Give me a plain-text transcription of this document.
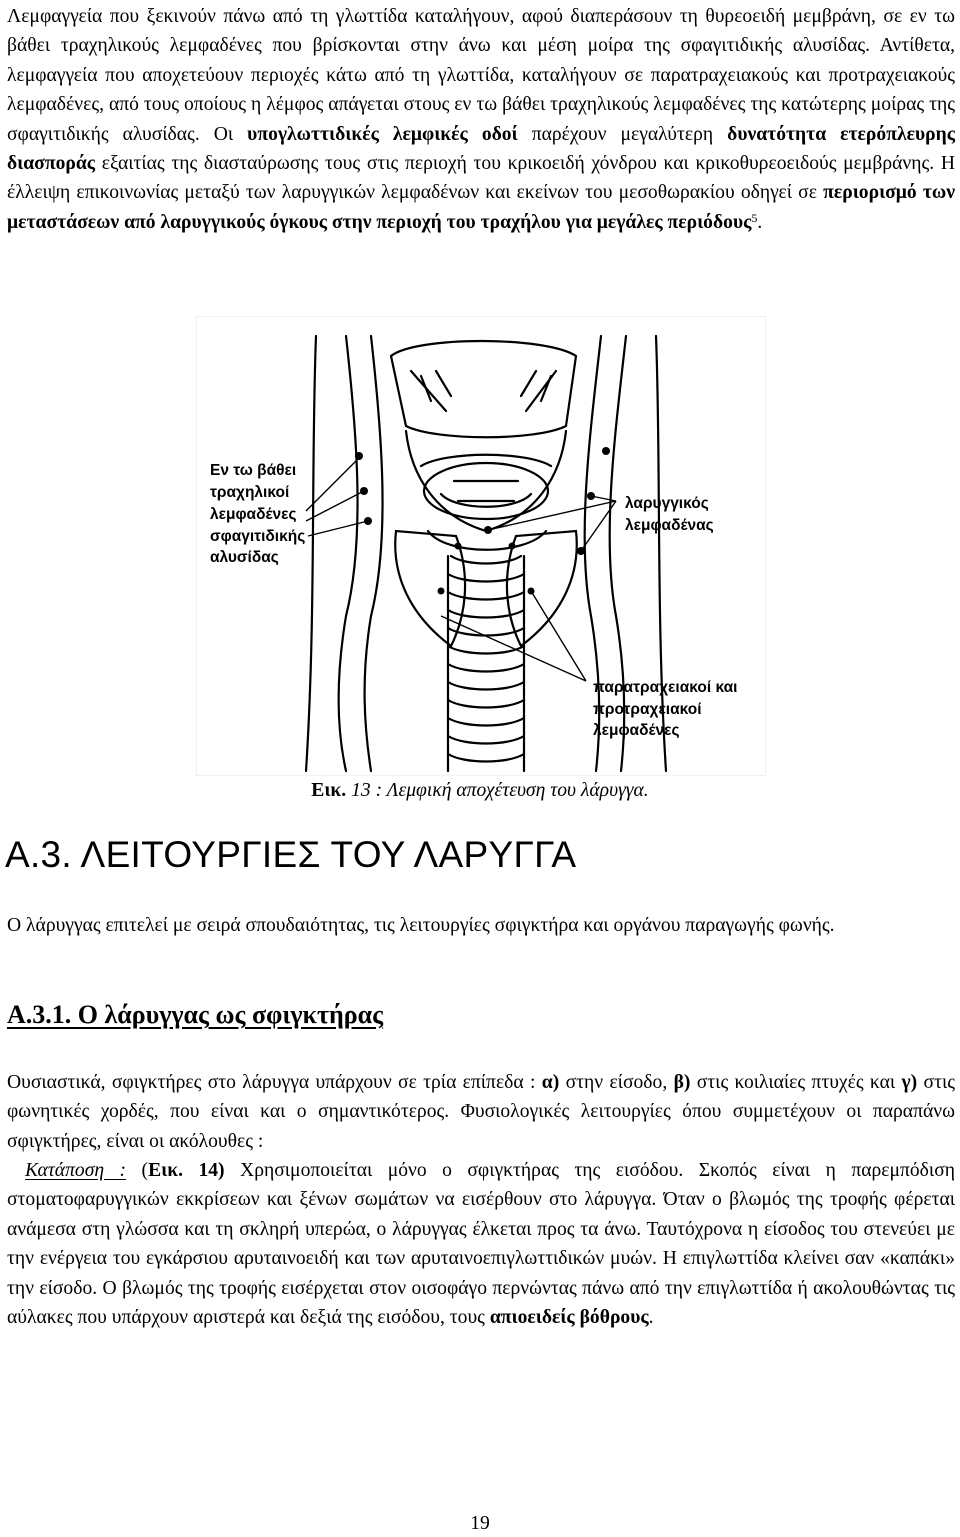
Λεμφαγγεία που ξεκινούν πάνω από τη γλωττίδα καταλήγουν, αφού διαπεράσουν τη θυρεοειδή μεμβράνη, σε εν τω βάθει τραχηλικούς λεμφαδένες που βρίσκονται στην άνω και μέση μοίρα της σφαγιτιδικής αλυσίδας. Αντίθετα, λεμφαγγεία που αποχετεύουν περιοχές κάτω από τη γλωττίδα, καταλήγουν σε παρατραχειακούς και προτραχειακούς λεμφαδένες, από τους οποίους η λέμφος απάγεται στους εν τω βάθει τραχηλικούς λεμφαδένες της κατώτερης μοίρας της σφαγιτιδικής αλυσίδας. Οι υπογλωττιδικές λεμφικές οδοί παρέχουν μεγαλύτερη δυνατότητα ετερόπλευρης διασποράς εξαιτίας της διασταύρωσης τους στις περιοχή του κρικοειδή χόνδρου και κρικοθυρεοειδούς μεμβράνης. Η έλλειψη επικοινωνίας μεταξύ των λαρυγγικών λεμφαδένων και εκείνων του μεσοθωρακίου οδηγεί σε περιορισμό των μεταστάσεων από λαρυγγικούς όγκους στην περιοχή του τραχήλου για μεγάλες περιόδους$^5$.

Εν τω βάθει τραχηλικοί λεμφαδένες σφαγιτιδικής αλυσίδας
λαρυγγικός λεμφαδένας
παρατραχειακοί και προτραχειακοί λεμφαδένες
Εικ. 13 : Λεμφική αποχέτευση του λάρυγγα.
Α.3. ΛΕΙΤΟΥΡΓΙΕΣ ΤΟΥ ΛΑΡΥΓΓΑ

Ο λάρυγγας επιτελεί με σειρά σπουδαιότητας, τις λειτουργίες σφιγκτήρα και οργάνου παραγωγής φωνής.

Α.3.1. Ο λάρυγγας ως σφιγκτήρας

Ουσιαστικά, σφιγκτήρες στο λάρυγγα υπάρχουν σε τρία επίπεδα : α) στην είσοδο, β) στις κοιλιαίες πτυχές και γ) στις φωνητικές χορδές, που είναι και ο σημαντικότερος. Φυσιολογικές λειτουργίες όπου συμμετέχουν οι παραπάνω σφιγκτήρες, είναι οι ακόλουθες :

Κατάποση : (Εικ. 14) Χρησιμοποιείται μόνο ο σφιγκτήρας της εισόδου. Σκοπός είναι η παρεμπόδιση στοματοφαρυγγικών εκκρίσεων και ξένων σωμάτων να εισέρθουν στο λάρυγγα. Όταν ο βλωμός της τροφής φέρεται ανάμεσα στη γλώσσα και τη σκληρή υπερώα, ο λάρυγγας έλκεται προς τα άνω. Ταυτόχρονα η είσοδος του στενεύει με την ενέργεια του εγκάρσιου αρυταινοειδή και των αρυταινοεπιγλωττιδικών μυών. Η επιγλωττίδα κλείνει σαν «καπάκι» την είσοδο. Ο βλωμός της τροφής εισέρχεται στον οισοφάγο περνώντας πάνω από την επιγλωττίδα ή ακολουθώντας τις αύλακες που υπάρχουν αριστερά και δεξιά της εισόδου, τους απιοειδείς βόθρους.

19
